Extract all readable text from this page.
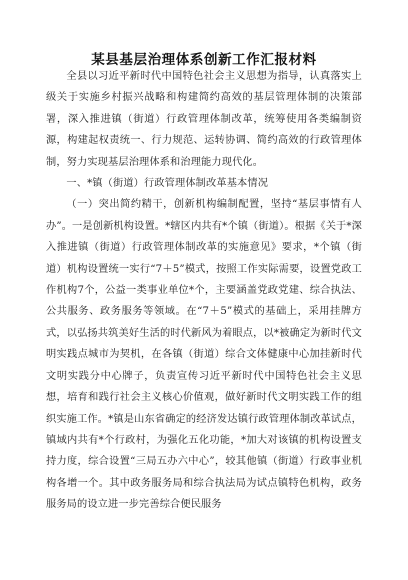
某县基层治理体系创新工作汇报材料

全县以习近平新时代中国特色社会主义思想为指导，认真落实上级关于实施乡村振兴战略和构建简约高效的基层管理体制的决策部署，深入推进镇（街道）行政管理体制改革，统筹使用各类编制资源，构建起权责统一、行力规范、运转协调、简约高效的行政管理体制，努力实现基层治理体系和治理能力现代化。

一、*镇（街道）行政管理体制改革基本情况

（一）突出简约精干，创新机构编制配置，坚持“基层事情有人办”。一是创新机构设置。*辖区内共有*个镇（街道）。根据《关于*深入推进镇（街道）行政管理体制改革的实施意见》要求，*个镇（街道）机构设置统一实行“7＋5”模式，按照工作实际需要，设置党政工作机构7个，公益一类事业单位*个，主要涵盖党政党建、综合执法、公共服务、政务服务等领域。在“7＋5”模式的基础上，采用挂牌方式，以弘扬共筑美好生活的时代新风为着眼点，以*被确定为新时代文明实践点城市为契机，在各镇（街道）综合文体健康中心加挂新时代文明实践分中心牌子，负责宣传习近平新时代中国特色社会主义思想，培育和践行社会主义核心价值观，做好新时代文明实践工作的组织实施工作。*镇是山东省确定的经济发达镇行政管理体制改革试点，镇域内共有*个行政村，为强化五化功能，*加大对该镇的机构设置支持力度，综合设置“三局五办六中心”，较其他镇（街道）行政事业机构各增一个。其中政务服务局和综合执法局为试点镇特色机构，政务服务局的设立进一步完善综合便民服务
